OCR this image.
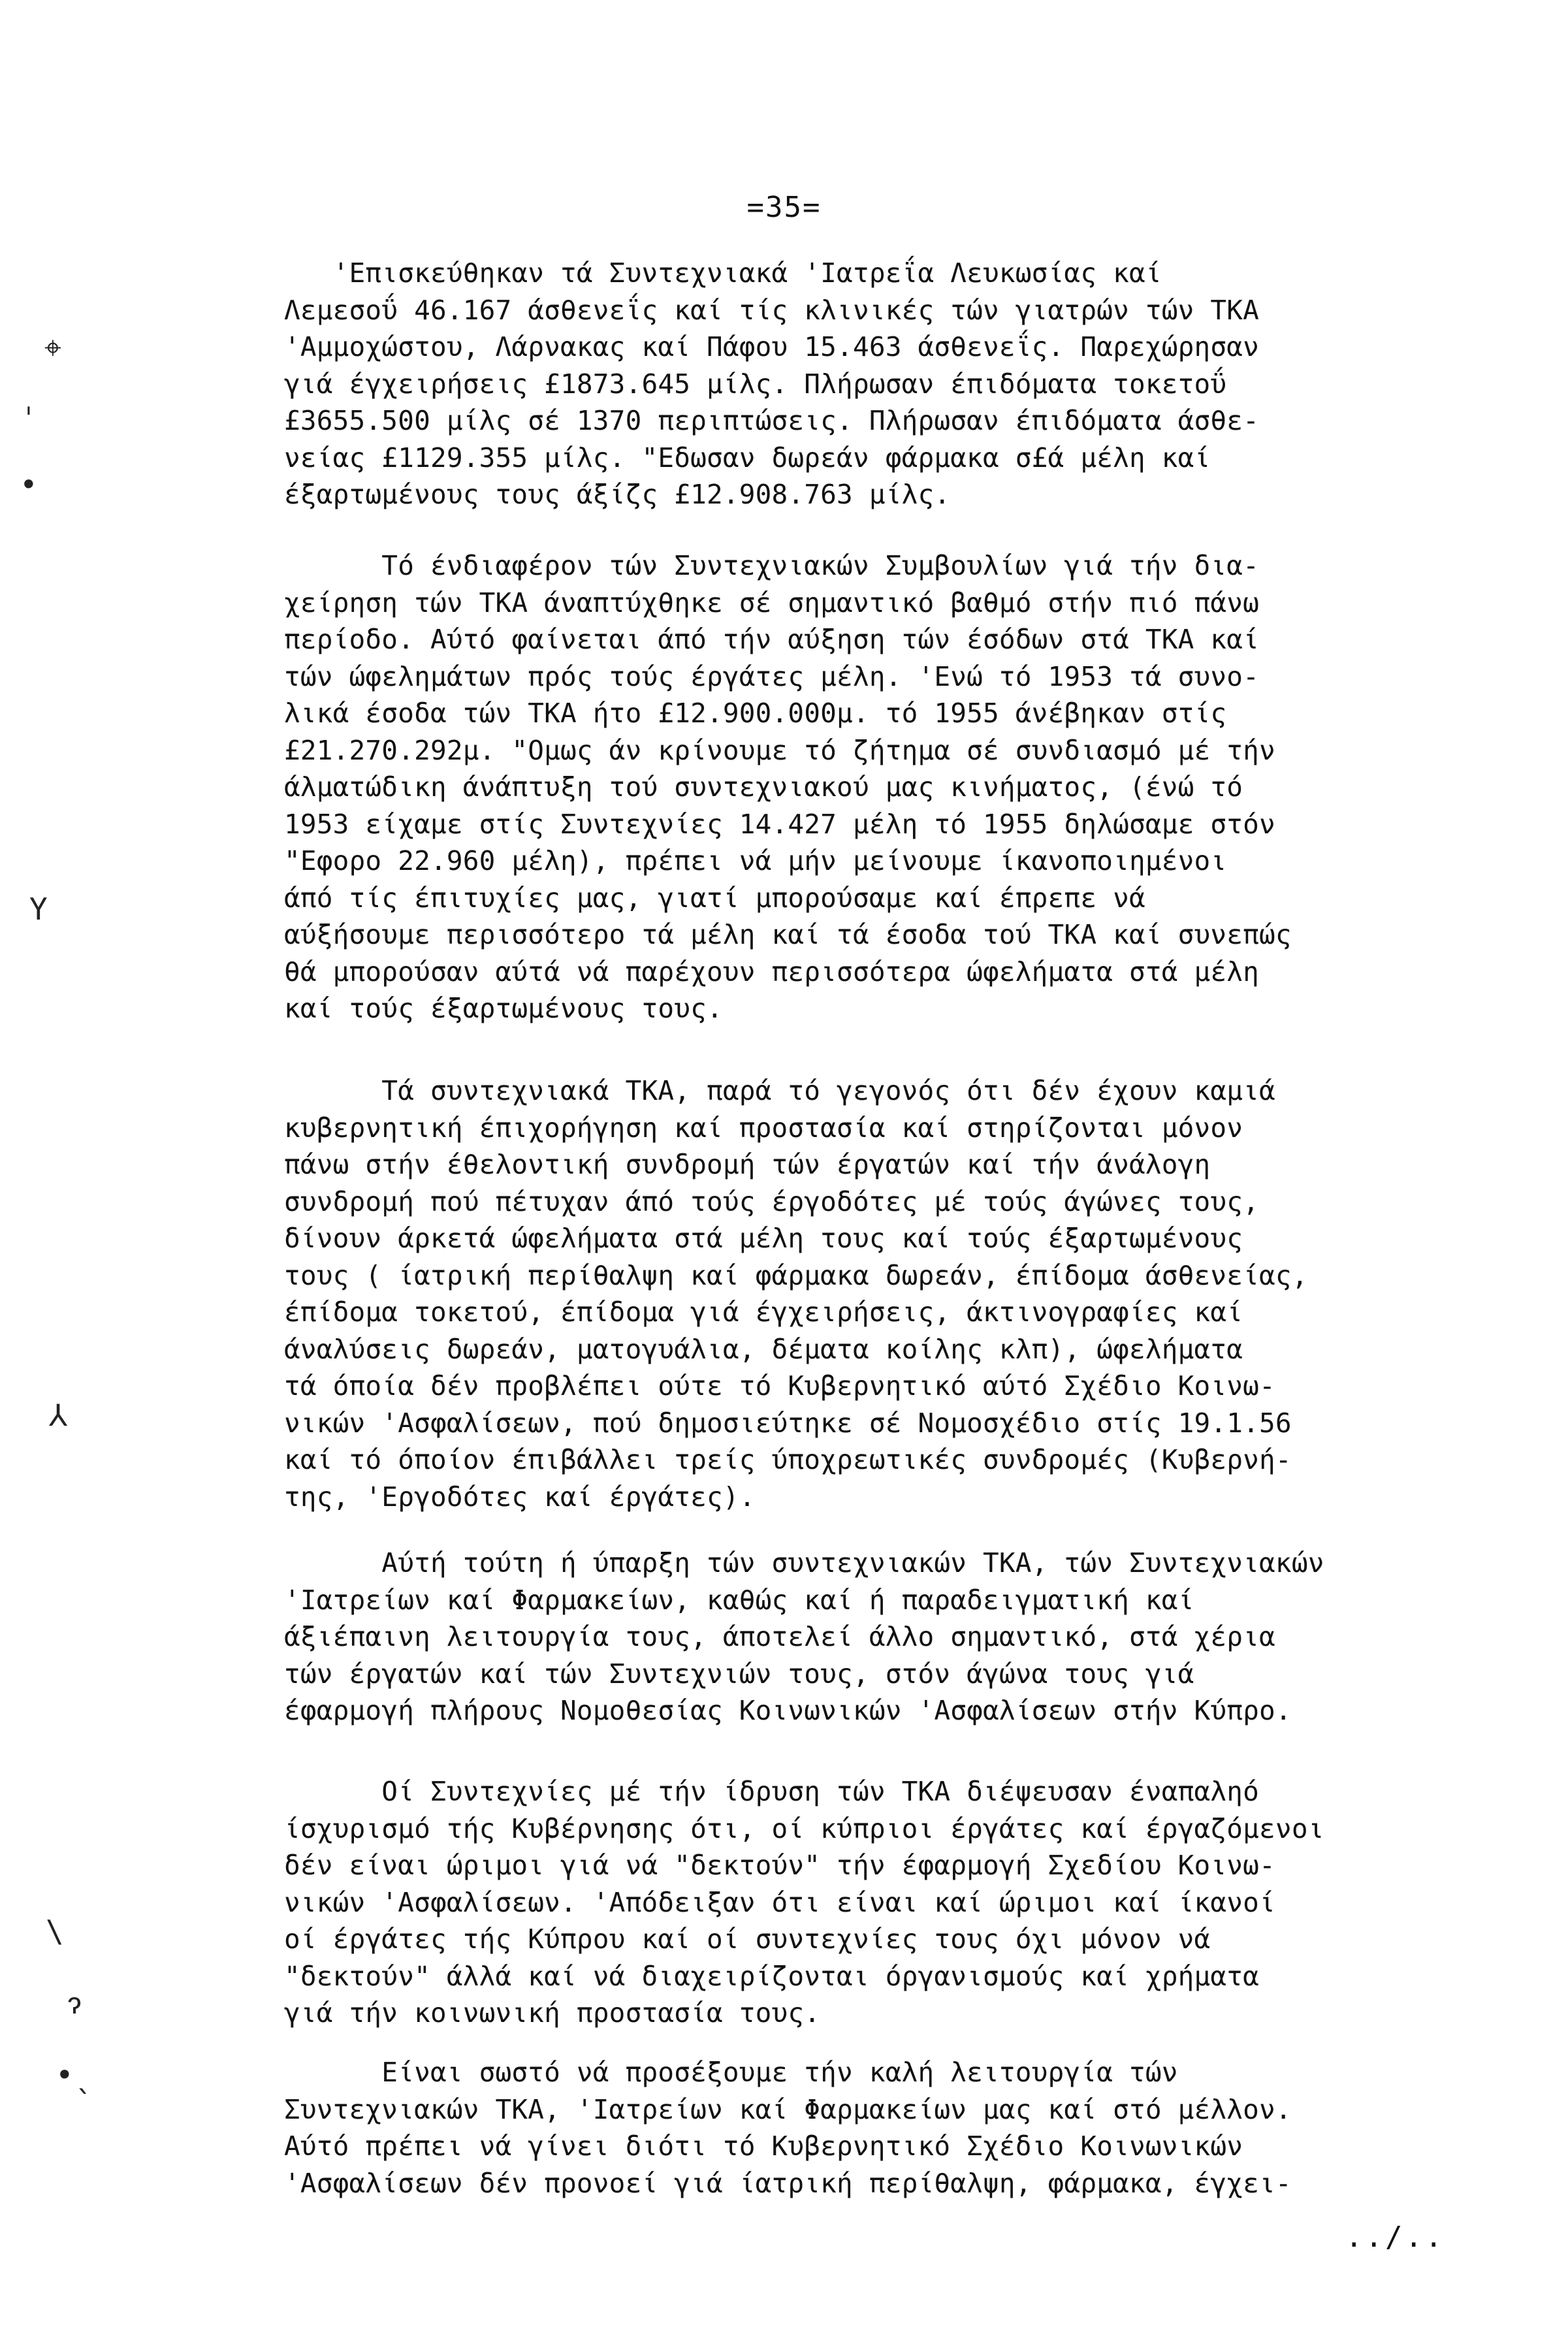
=35=
⌖
ˌ
•
Y
⅄
\
ɂ
•ˎ
'Επισκεύθηκαν τά Συντεχνιακά 'Ιατρεΐα Λευκωσίας καί
Λεμεσοΰ 46.167 άσθενεΐς καί τίς κλινικές τών γιατρών τών ΤΚΑ
'Αμμοχώστου, Λάρνακας καί Πάφου 15.463 άσθενεΐς. Παρεχώρησαν
γιά έγχειρήσεις £1873.645 μίλς. Πλήρωσαν έπιδόματα τοκετοΰ
£3655.500 μίλς σέ 1370 περιπτώσεις. Πλήρωσαν έπιδόματα άσθε-
νείας £1129.355 μίλς. "Εδωσαν δωρεάν φάρμακα σ£ά μέλη καί
έξαρτωμένους τους άξίζς £12.908.763 μίλς.
Τό ένδιαφέρον τών Συντεχνιακών Συμβουλίων γιά τήν δια-
χείρηση τών ΤΚΑ άναπτύχθηκε σέ σημαντικό βαθμό στήν πιό πάνω
περίοδο. Αύτό φαίνεται άπό τήν αύξηση τών έσόδων στά ΤΚΑ καί
τών ώφελημάτων πρός τούς έργάτες μέλη. 'Ενώ τό 1953 τά συνο-
λικά έσοδα τών ΤΚΑ ήτο £12.900.000μ. τό 1955 άνέβηκαν στίς
£21.270.292μ. "Ομως άν κρίνουμε τό ζήτημα σέ συνδιασμό μέ τήν
άλματώδικη άνάπτυξη τού συντεχνιακού μας κινήματος, (ένώ τό
1953 είχαμε στίς Συντεχνίες 14.427 μέλη τό 1955 δηλώσαμε στόν
"Εφορο 22.960 μέλη), πρέπει νά μήν μείνουμε ίκανοποιημένοι
άπό τίς έπιτυχίες μας, γιατί μπορούσαμε καί έπρεπε νά
αύξήσουμε περισσότερο τά μέλη καί τά έσοδα τού ΤΚΑ καί συνεπώς
θά μπορούσαν αύτά νά παρέχουν περισσότερα ώφελήματα στά μέλη
καί τούς έξαρτωμένους τους.
Τά συντεχνιακά ΤΚΑ, παρά τό γεγονός ότι δέν έχουν καμιά
κυβερνητική έπιχορήγηση καί προστασία καί στηρίζονται μόνον
πάνω στήν έθελοντική συνδρομή τών έργατών καί τήν άνάλογη
συνδρομή πού πέτυχαν άπό τούς έργοδότες μέ τούς άγώνες τους,
δίνουν άρκετά ώφελήματα στά μέλη τους καί τούς έξαρτωμένους
τους ( ίατρική περίθαλψη καί φάρμακα δωρεάν, έπίδομα άσθενείας,
έπίδομα τοκετού, έπίδομα γιά έγχειρήσεις, άκτινογραφίες καί
άναλύσεις δωρεάν, ματογυάλια, δέματα κοίλης κλπ), ώφελήματα
τά όποία δέν προβλέπει ούτε τό Κυβερνητικό αύτό Σχέδιο Κοινω-
νικών 'Ασφαλίσεων, πού δημοσιεύτηκε σέ Νομοσχέδιο στίς 19.1.56
καί τό όποίον έπιβάλλει τρείς ύποχρεωτικές συνδρομές (Κυβερνή-
της, 'Εργοδότες καί έργάτες).
Αύτή τούτη ή ύπαρξη τών συντεχνιακών ΤΚΑ, τών Συντεχνιακών
'Ιατρείων καί Φαρμακείων, καθώς καί ή παραδειγματική καί
άξιέπαινη λειτουργία τους, άποτελεί άλλο σημαντικό, στά χέρια
τών έργατών καί τών Συντεχνιών τους, στόν άγώνα τους γιά
έφαρμογή πλήρους Νομοθεσίας Κοινωνικών 'Ασφαλίσεων στήν Κύπρο.
Οί Συντεχνίες μέ τήν ίδρυση τών ΤΚΑ διέψευσαν έναπαληό
ίσχυρισμό τής Κυβέρνησης ότι, οί κύπριοι έργάτες καί έργαζόμενοι
δέν είναι ώριμοι γιά νά "δεκτούν" τήν έφαρμογή Σχεδίου Κοινω-
νικών 'Ασφαλίσεων. 'Απόδειξαν ότι είναι καί ώριμοι καί ίκανοί
οί έργάτες τής Κύπρου καί οί συντεχνίες τους όχι μόνον νά
"δεκτούν" άλλά καί νά διαχειρίζονται όργανισμούς καί χρήματα
γιά τήν κοινωνική προστασία τους.
Είναι σωστό νά προσέξουμε τήν καλή λειτουργία τών
Συντεχνιακών ΤΚΑ, 'Ιατρείων καί Φαρμακείων μας καί στό μέλλον.
Αύτό πρέπει νά γίνει διότι τό Κυβερνητικό Σχέδιο Κοινωνικών
'Ασφαλίσεων δέν προνοεί γιά ίατρική περίθαλψη, φάρμακα, έγχει-
../..
